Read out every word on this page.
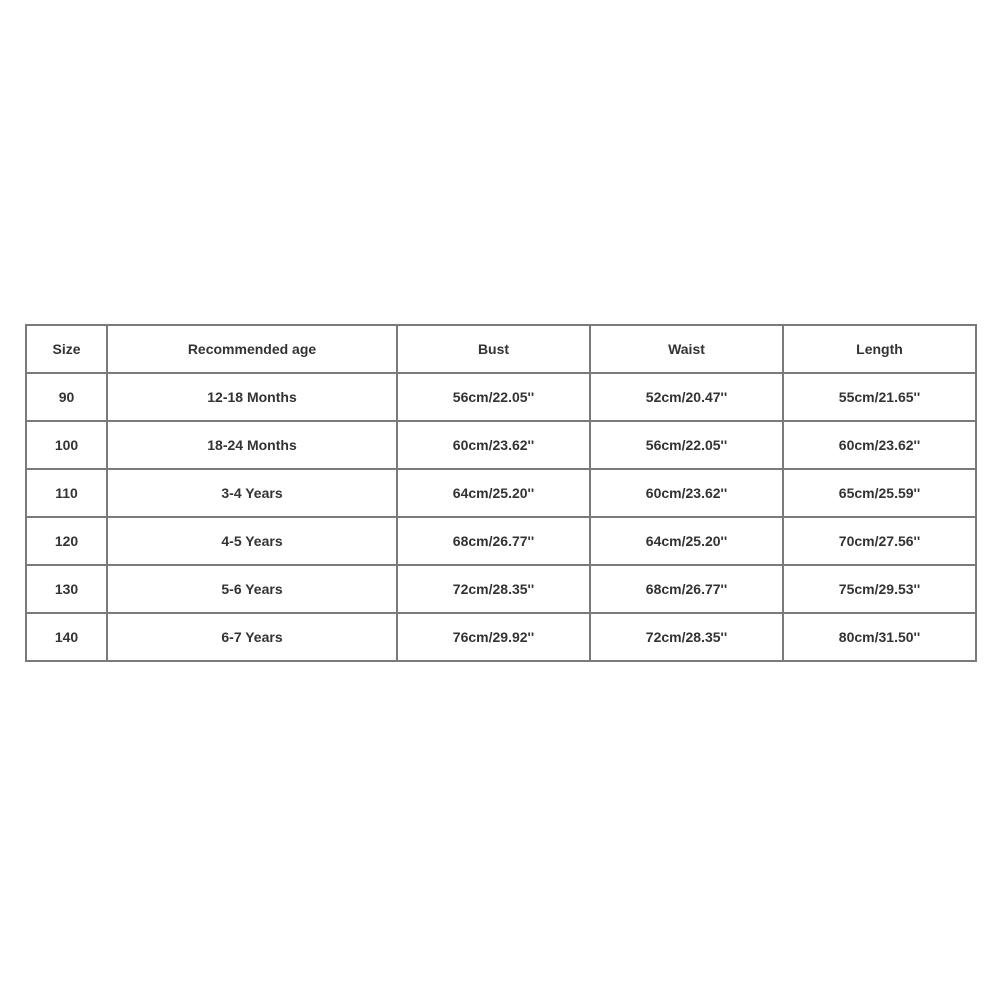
Size	Recommended age	Bust	Waist	Length
90	12-18 Months	56cm/22.05''	52cm/20.47''	55cm/21.65''
100	18-24 Months	60cm/23.62''	56cm/22.05''	60cm/23.62''
110	3-4 Years	64cm/25.20''	60cm/23.62''	65cm/25.59''
120	4-5 Years	68cm/26.77''	64cm/25.20''	70cm/27.56''
130	5-6 Years	72cm/28.35''	68cm/26.77''	75cm/29.53''
140	6-7 Years	76cm/29.92''	72cm/28.35''	80cm/31.50''
